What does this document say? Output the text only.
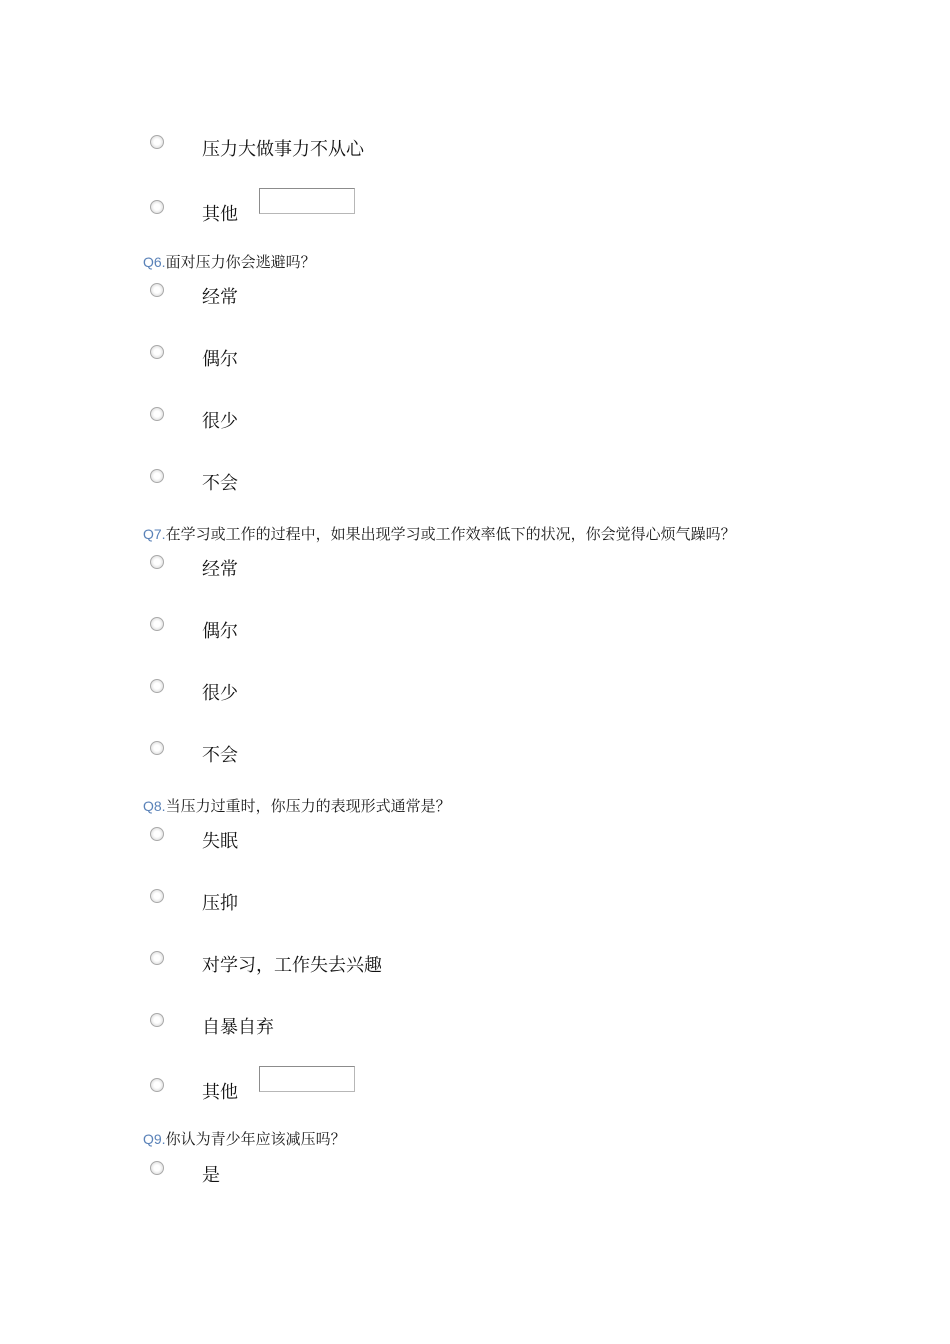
压力大做事力不从心
其他
Q6.面对压力你会逃避吗？
经常
偶尔
很少
不会
Q7.在学习或工作的过程中，如果出现学习或工作效率低下的状况，你会觉得心烦气躁吗？
经常
偶尔
很少
不会
Q8.当压力过重时，你压力的表现形式通常是？
失眠
压抑
对学习，工作失去兴趣
自暴自弃
其他
Q9.你认为青少年应该减压吗？
是
